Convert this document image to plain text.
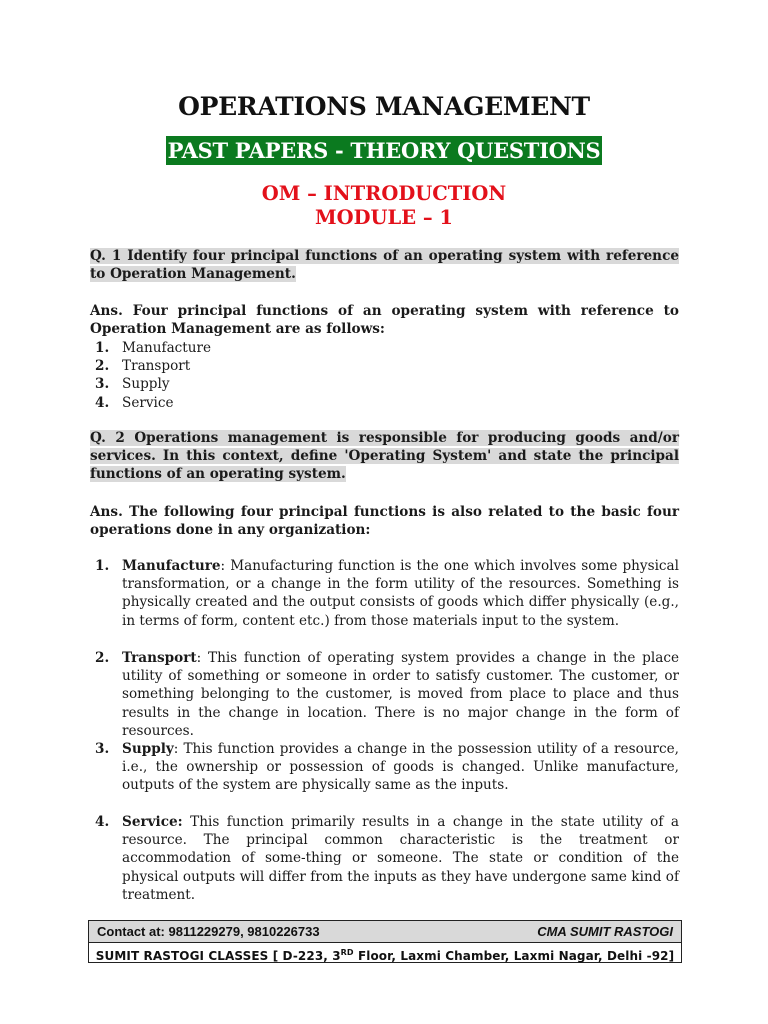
OPERATIONS MANAGEMENT
PAST PAPERS - THEORY QUESTIONS
OM – INTRODUCTION
MODULE – 1
Q. 1 Identify four principal functions of an operating system with reference to Operation Management.
Ans. Four principal functions of an operating system with reference to Operation Management are as follows:
1. Manufacture
2. Transport
3. Supply
4. Service
Q. 2 Operations management is responsible for producing goods and/or services. In this context, define 'Operating System' and state the principal functions of an operating system.
Ans. The following four principal functions is also related to the basic four operations done in any organization:
1. Manufacture: Manufacturing function is the one which involves some physical transformation, or a change in the form utility of the resources. Something is physically created and the output consists of goods which differ physically (e.g., in terms of form, content etc.) from those materials input to the system.
2. Transport: This function of operating system provides a change in the place utility of something or someone in order to satisfy customer. The customer, or something belonging to the customer, is moved from place to place and thus results in the change in location. There is no major change in the form of resources.
3. Supply: This function provides a change in the possession utility of a resource, i.e., the ownership or possession of goods is changed. Unlike manufacture, outputs of the system are physically same as the inputs.
4. Service: This function primarily results in a change in the state utility of a resource. The principal common characteristic is the treatment or accommodation of some-thing or someone. The state or condition of the physical outputs will differ from the inputs as they have undergone same kind of treatment.
Contact at: 9811229279, 9810226733	CMA SUMIT RASTOGI
SUMIT RASTOGI CLASSES [ D-223, 3RD Floor, Laxmi Chamber, Laxmi Nagar, Delhi -92]
